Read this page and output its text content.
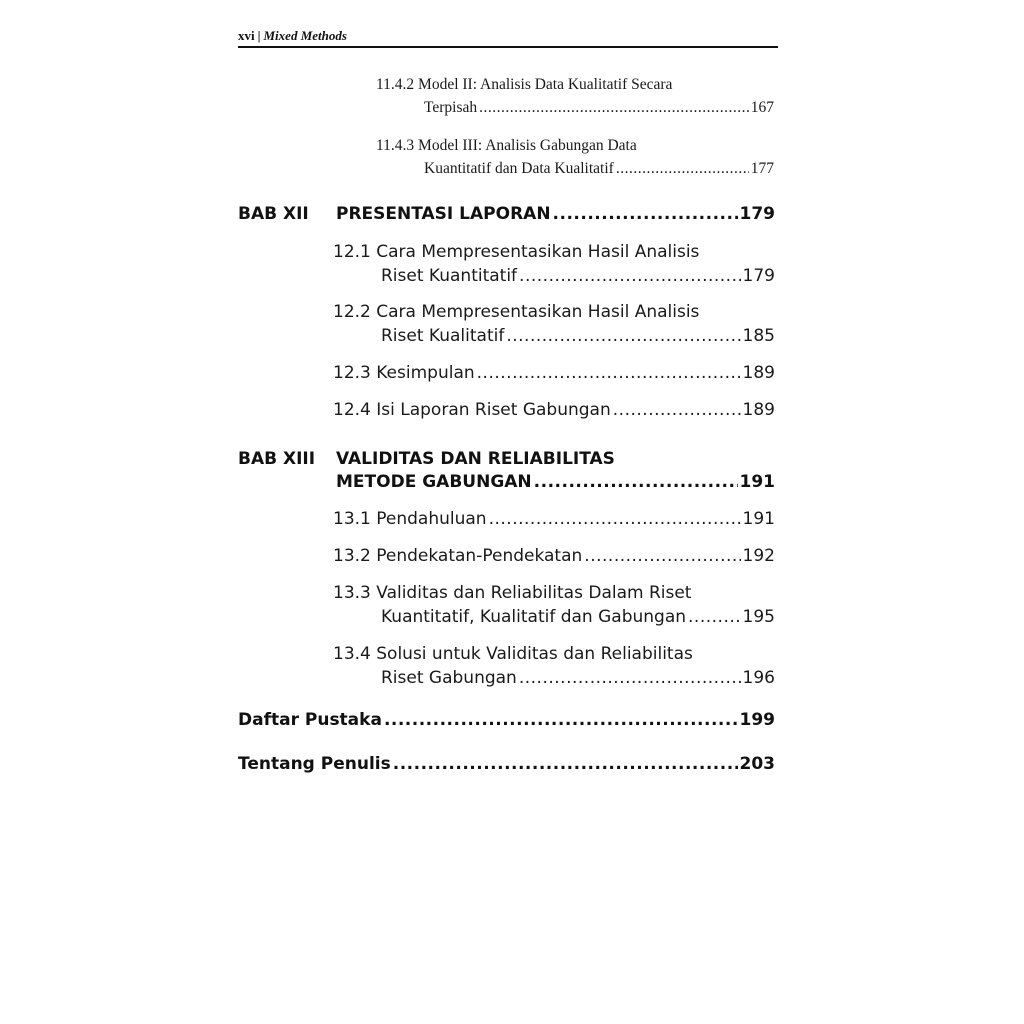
xvi | Mixed Methods
11.4.2 Model II: Analisis Data Kualitatif Secara
Terpisah .....	167
11.4.3 Model III: Analisis Gabungan Data
Kuantitatif dan Data Kualitatif .....	177
BAB XII PRESENTASI LAPORAN .....	179
12.1 Cara Mempresentasikan Hasil Analisis
Riset Kuantitatif .....	179
12.2 Cara Mempresentasikan Hasil Analisis
Riset Kualitatif .....	185
12.3 Kesimpulan .....	189
12.4 Isi Laporan Riset Gabungan .....	189
BAB XIII VALIDITAS DAN RELIABILITAS
METODE GABUNGAN .....	191
13.1 Pendahuluan .....	191
13.2 Pendekatan-Pendekatan .....	192
13.3 Validitas dan Reliabilitas Dalam Riset
Kuantitatif, Kualitatif dan Gabungan .....	195
13.4 Solusi untuk Validitas dan Reliabilitas
Riset Gabungan .....	196
Daftar Pustaka .....	199
Tentang Penulis .....	203
